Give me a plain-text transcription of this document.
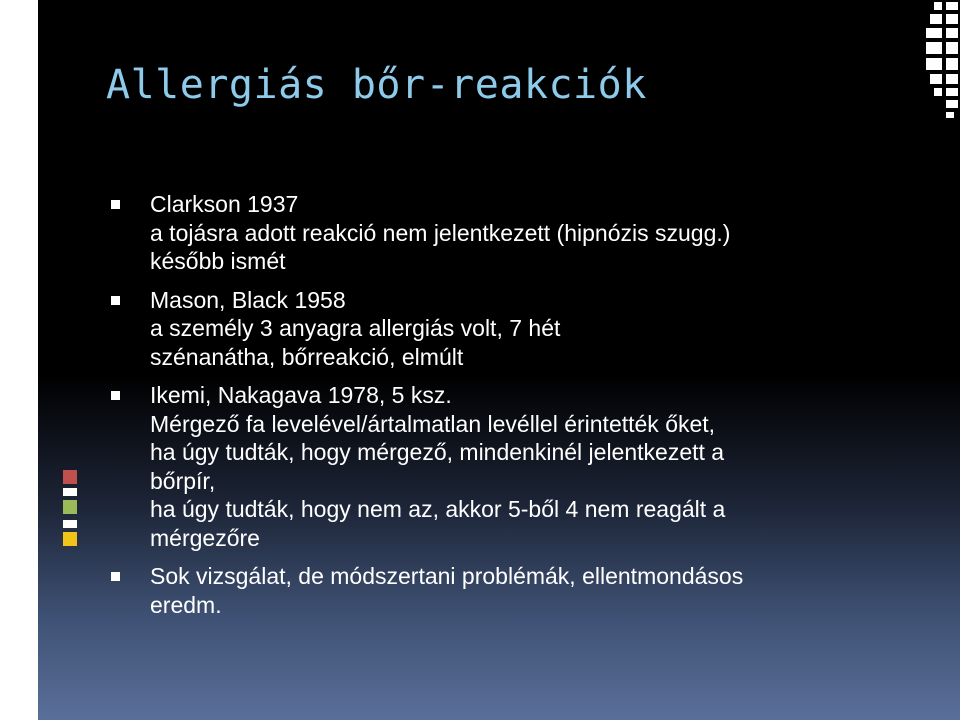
Allergiás bőr-reakciók
Clarkson 1937
a tojásra adott reakció nem jelentkezett (hipnózis szugg.)
később ismét
Mason, Black 1958
a személy 3 anyagra allergiás volt, 7 hét
szénanátha, bőrreakció, elmúlt
Ikemi, Nakagava 1978, 5 ksz.
Mérgező fa levelével/ártalmatlan levéllel érintették őket,
ha úgy tudták, hogy mérgező, mindenkinél jelentkezett a
bőrpír,
ha úgy tudták, hogy nem az, akkor 5-ből 4 nem reagált a
mérgezőre
Sok vizsgálat, de módszertani problémák, ellentmondásos
eredm.
